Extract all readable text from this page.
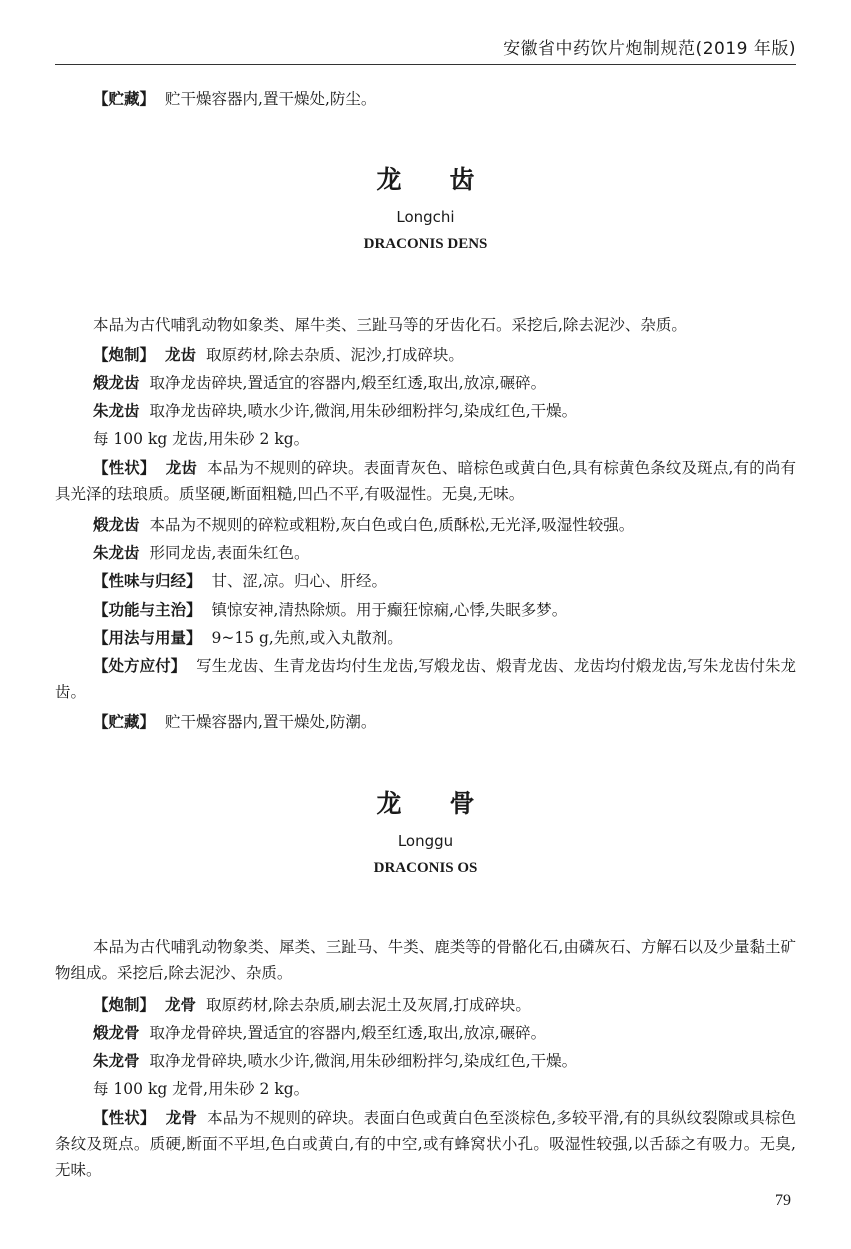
安徽省中药饮片炮制规范(2019 年版)

【贮藏】 贮干燥容器内,置干燥处,防尘。

龙齿
Longchi
DRACONIS DENS

本品为古代哺乳动物如象类、犀牛类、三趾马等的牙齿化石。采挖后,除去泥沙、杂质。

【炮制】 龙齿 取原药材,除去杂质、泥沙,打成碎块。

煅龙齿 取净龙齿碎块,置适宜的容器内,煅至红透,取出,放凉,碾碎。

朱龙齿 取净龙齿碎块,喷水少许,微润,用朱砂细粉拌匀,染成红色,干燥。

每 100 kg 龙齿,用朱砂 2 kg。

【性状】 龙齿 本品为不规则的碎块。表面青灰色、暗棕色或黄白色,具有棕黄色条纹及斑点,有的尚有具光泽的珐琅质。质坚硬,断面粗糙,凹凸不平,有吸湿性。无臭,无味。

煅龙齿 本品为不规则的碎粒或粗粉,灰白色或白色,质酥松,无光泽,吸湿性较强。

朱龙齿 形同龙齿,表面朱红色。

【性味与归经】 甘、涩,凉。归心、肝经。

【功能与主治】 镇惊安神,清热除烦。用于癫狂惊痫,心悸,失眠多梦。

【用法与用量】 9~15 g,先煎,或入丸散剂。

【处方应付】 写生龙齿、生青龙齿均付生龙齿,写煅龙齿、煅青龙齿、龙齿均付煅龙齿,写朱龙齿付朱龙齿。

【贮藏】 贮干燥容器内,置干燥处,防潮。

龙骨
Longgu
DRACONIS OS

本品为古代哺乳动物象类、犀类、三趾马、牛类、鹿类等的骨骼化石,由磷灰石、方解石以及少量黏土矿物组成。采挖后,除去泥沙、杂质。

【炮制】 龙骨 取原药材,除去杂质,刷去泥土及灰屑,打成碎块。

煅龙骨 取净龙骨碎块,置适宜的容器内,煅至红透,取出,放凉,碾碎。

朱龙骨 取净龙骨碎块,喷水少许,微润,用朱砂细粉拌匀,染成红色,干燥。

每 100 kg 龙骨,用朱砂 2 kg。

【性状】 龙骨 本品为不规则的碎块。表面白色或黄白色至淡棕色,多较平滑,有的具纵纹裂隙或具棕色条纹及斑点。质硬,断面不平坦,色白或黄白,有的中空,或有蜂窝状小孔。吸湿性较强,以舌舔之有吸力。无臭,无味。

79
